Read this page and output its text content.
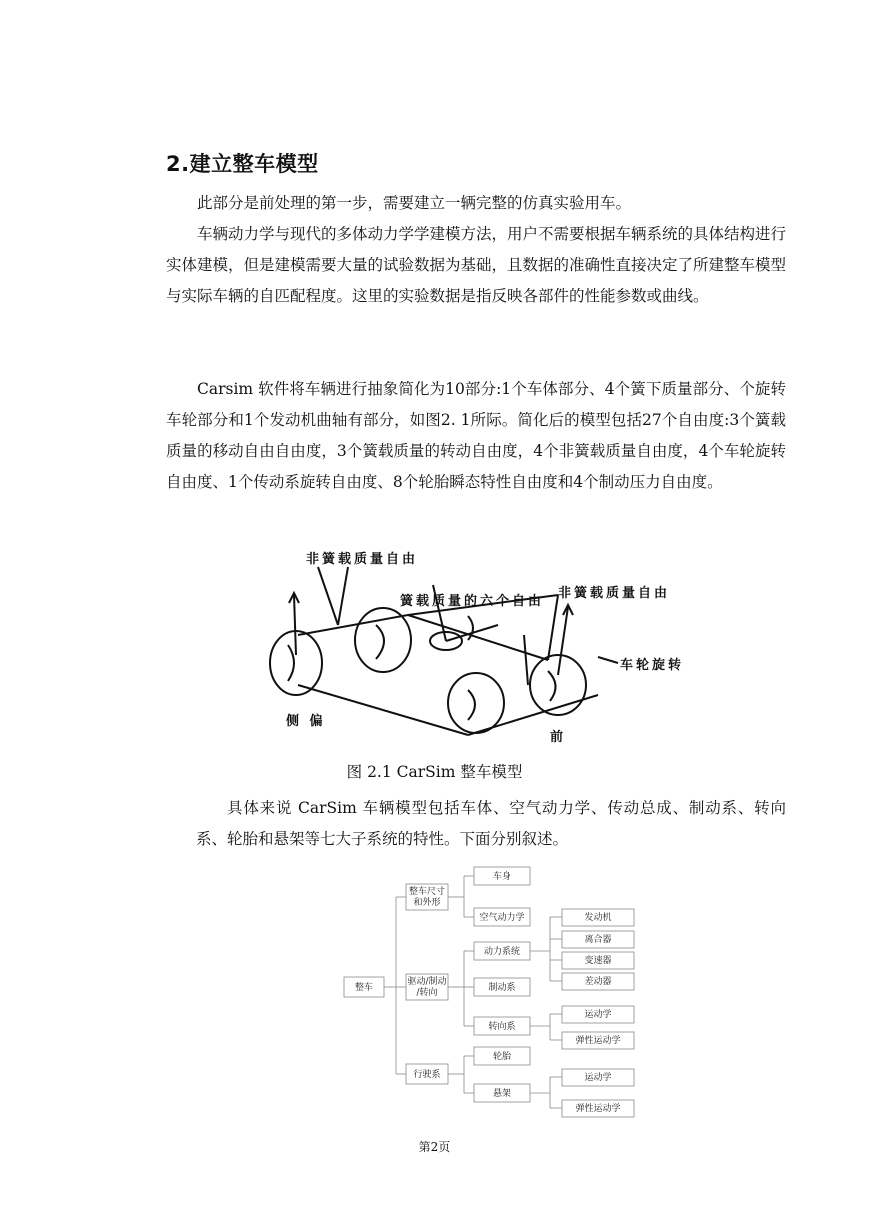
2.建立整车模型

此部分是前处理的第一步，需要建立一辆完整的仿真实验用车。

车辆动力学与现代的多体动力学学建模方法，用户不需要根据车辆系统的具体结构进行实体建模，但是建模需要大量的试验数据为基础，且数据的准确性直接决定了所建整车模型与实际车辆的自匹配程度。这里的实验数据是指反映各部件的性能参数或曲线。

Carsim 软件将车辆进行抽象简化为10部分:1个车体部分、4个簧下质量部分、个旋转车轮部分和1个发动机曲轴有部分，如图2. 1所际。简化后的模型包括27个自由度:3个簧载质量的移动自由自由度，3个簧载质量的转动自由度，4个非簧载质量自由度，4个车轮旋转自由度、1个传动系旋转自由度、8个轮胎瞬态特性自由度和4个制动压力自由度。

非簧载质量自由
簧载质量的六个自由
非簧载质量自由
车轮旋转
侧 偏
前
图 2.1 CarSim 整车模型

具体来说 CarSim 车辆模型包括车体、空气动力学、传动总成、制动系、转向系、轮胎和悬架等七大子系统的特性。下面分别叙述。

整车
整车尺寸
和外形
驱动/制动
/转向
行驶系
车身
空气动力学
动力系统
制动系
转向系
轮胎
悬架
发动机
离合器
变速器
差动器
运动学
弹性运动学
运动学
弹性运动学
第2页
